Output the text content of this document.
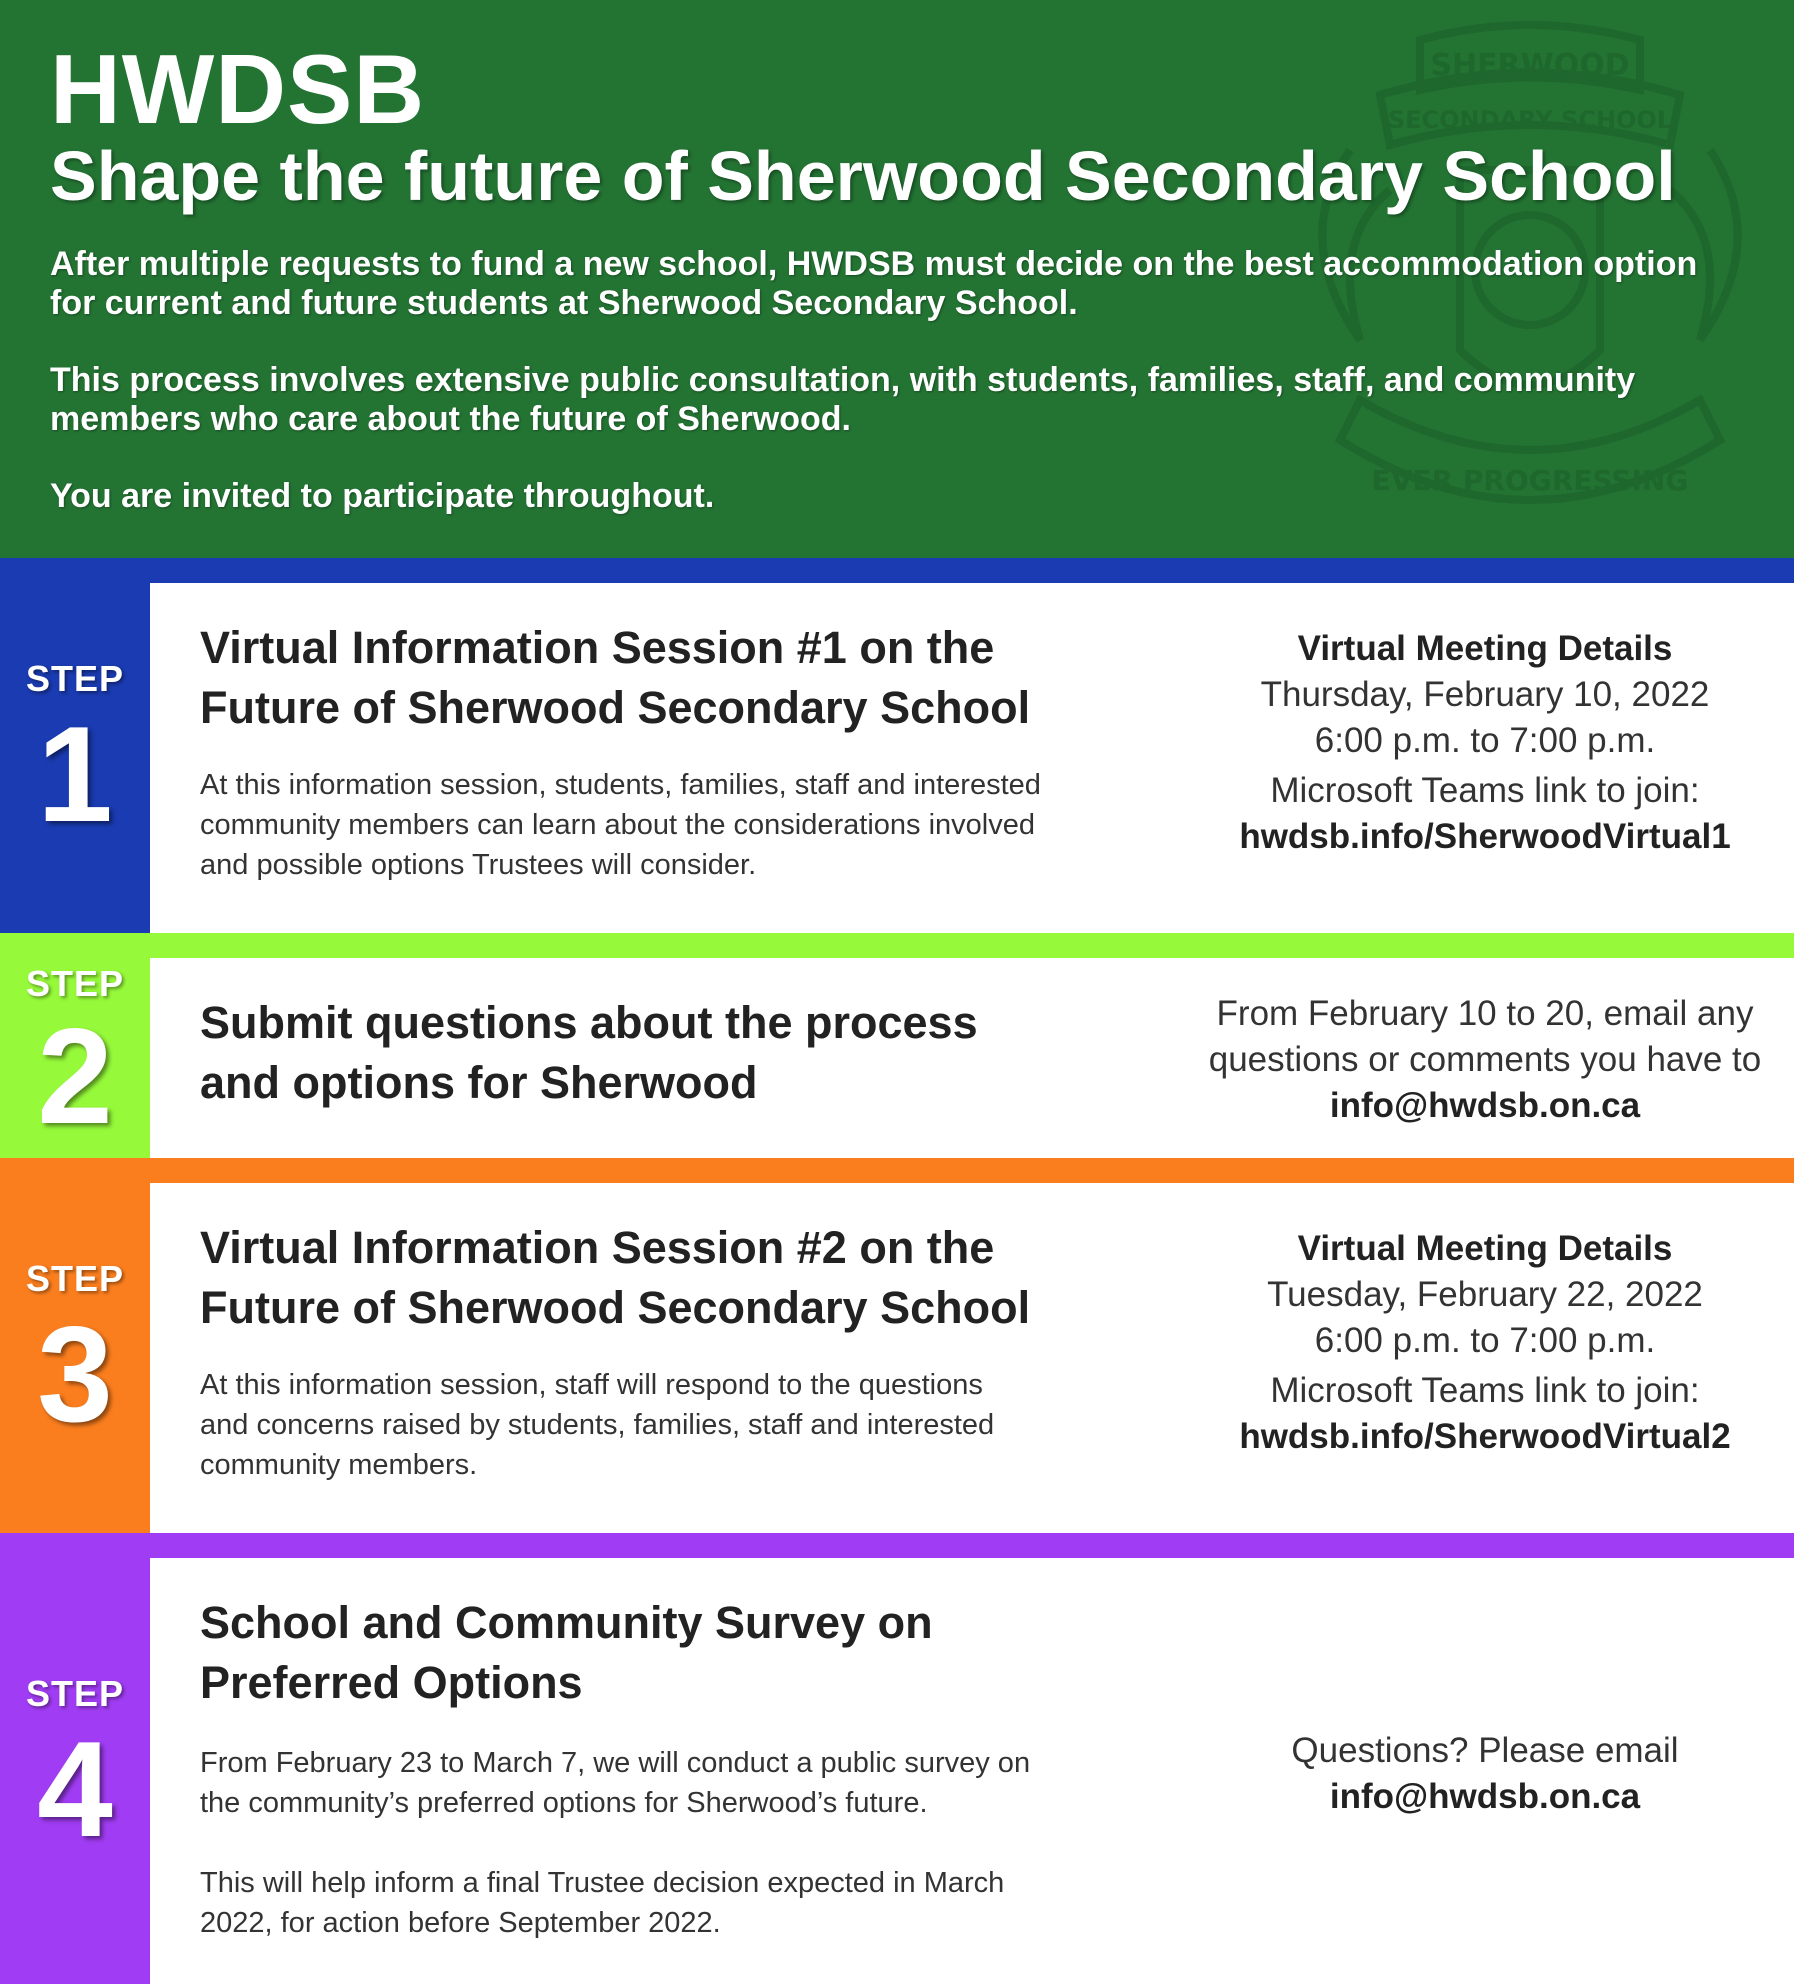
SHERWOOD
SECONDARY SCHOOL
EVER PROGRESSING
HWDSB
Shape the future of Sherwood Secondary School

After multiple requests to fund a new school, HWDSB must decide on the best accommodation option for current and future students at Sherwood Secondary School.

This process involves extensive public consultation, with students, families, staff, and community members who care about the future of Sherwood.

You are invited to participate throughout.

STEP
1
Virtual Information Session #1 on the
Future of Sherwood Secondary School
At this information session, students, families, staff and interested
community members can learn about the considerations involved
and possible options Trustees will consider.
Virtual Meeting Details
Thursday, February 10, 2022
6:00 p.m. to 7:00 p.m.
Microsoft Teams link to join:
hwdsb.info/SherwoodVirtual1
STEP
2	Submit questions about the process
and options for Sherwood
From February 10 to 20, email any
questions or comments you have to
info@hwdsb.on.ca
STEP
3
Virtual Information Session #2 on the
Future of Sherwood Secondary School
At this information session, staff will respond to the questions
and concerns raised by students, families, staff and interested
community members.
Virtual Meeting Details
Tuesday, February 22, 2022
6:00 p.m. to 7:00 p.m.
Microsoft Teams link to join:
hwdsb.info/SherwoodVirtual2
STEP
4
School and Community Survey on
Preferred Options
From February 23 to March 7, we will conduct a public survey on
the community’s preferred options for Sherwood’s future.
This will help inform a final Trustee decision expected in March
2022, for action before September 2022.
Questions? Please email
info@hwdsb.on.ca
